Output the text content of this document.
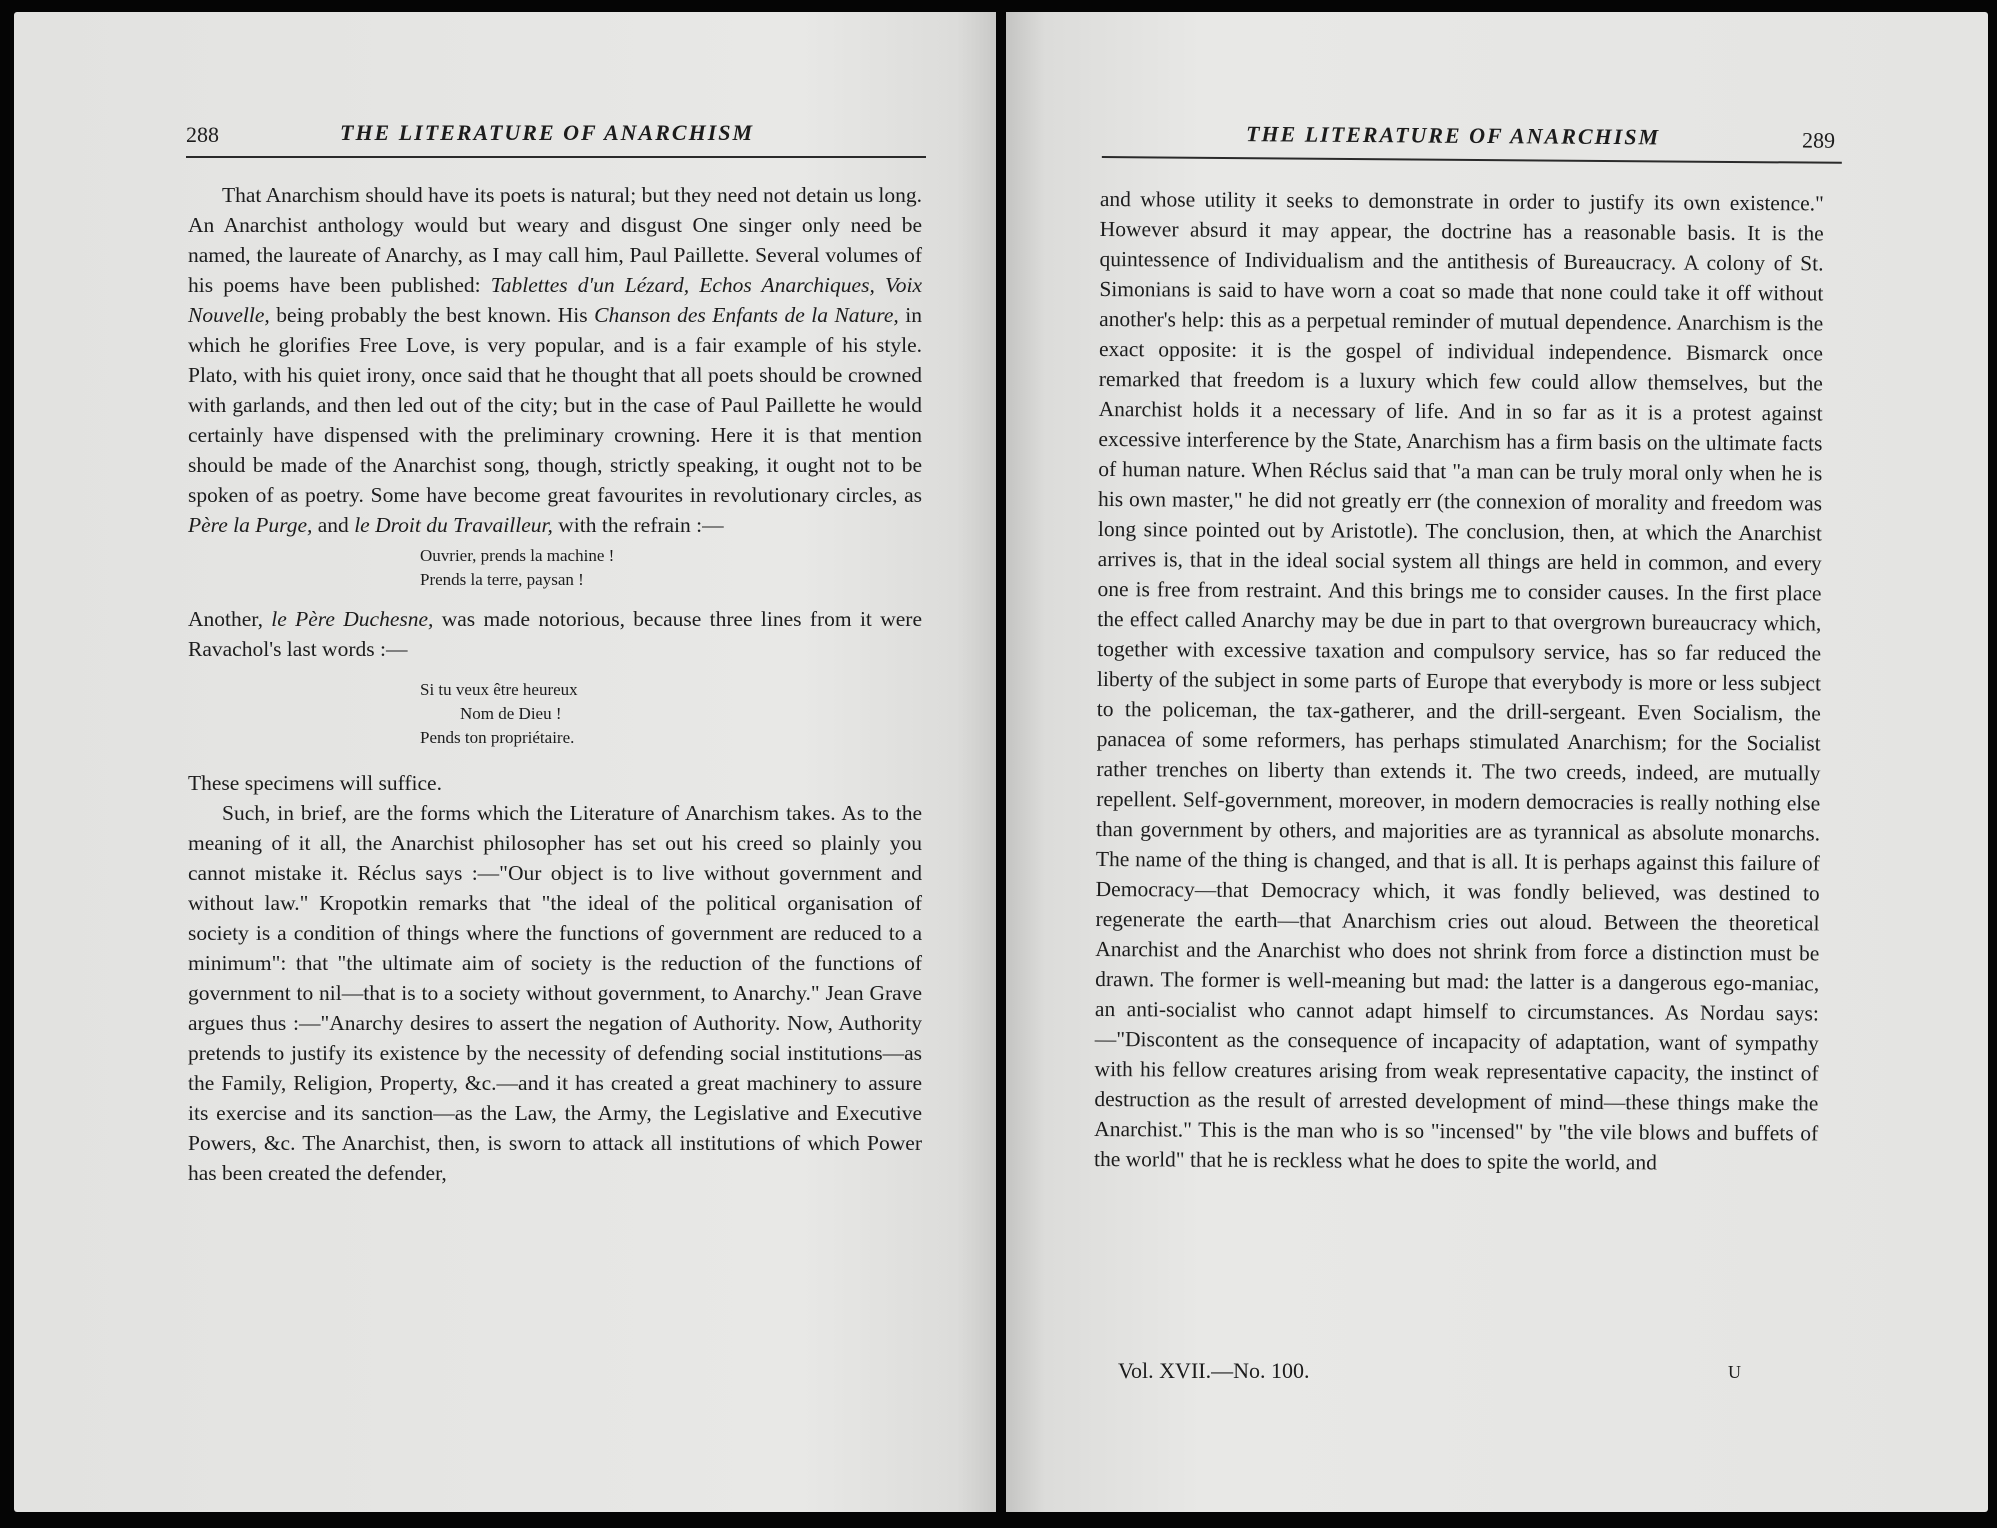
288	THE LITERATURE OF ANARCHISM

That Anarchism should have its poets is natural; but they need not detain us long. An Anarchist anthology would but weary and disgust One singer only need be named, the laureate of Anarchy, as I may call him, Paul Paillette. Several volumes of his poems have been published: Tablettes d'un Lézard, Echos Anarchiques, Voix Nouvelle, being probably the best known. His Chanson des Enfants de la Nature, in which he glorifies Free Love, is very popular, and is a fair example of his style. Plato, with his quiet irony, once said that he thought that all poets should be crowned with garlands, and then led out of the city; but in the case of Paul Paillette he would certainly have dispensed with the preliminary crowning. Here it is that mention should be made of the Anarchist song, though, strictly speaking, it ought not to be spoken of as poetry. Some have become great favourites in revolutionary circles, as Père la Purge, and le Droit du Travailleur, with the refrain :—

Ouvrier, prends la machine !
Prends la terre, paysan !

Another, le Père Duchesne, was made notorious, because three lines from it were Ravachol's last words :—

Si tu veux être heureux
Nom de Dieu !
Pends ton propriétaire.

These specimens will suffice.

Such, in brief, are the forms which the Literature of Anarchism takes. As to the meaning of it all, the Anarchist philosopher has set out his creed so plainly you cannot mistake it. Réclus says :—"Our object is to live without government and without law." Kropotkin remarks that "the ideal of the political organisation of society is a condition of things where the functions of government are reduced to a minimum": that "the ultimate aim of society is the reduction of the functions of government to nil—that is to a society without government, to Anarchy." Jean Grave argues thus :—"Anarchy desires to assert the negation of Authority. Now, Authority pretends to justify its existence by the necessity of defending social institutions—as the Family, Religion, Property, &c.—and it has created a great machinery to assure its exercise and its sanction—as the Law, the Army, the Legislative and Executive Powers, &c. The Anarchist, then, is sworn to attack all institutions of which Power has been created the defender,

THE LITERATURE OF ANARCHISM	289

and whose utility it seeks to demonstrate in order to justify its own existence." However absurd it may appear, the doctrine has a reasonable basis. It is the quintessence of Individualism and the antithesis of Bureaucracy. A colony of St. Simonians is said to have worn a coat so made that none could take it off without another's help: this as a perpetual reminder of mutual dependence. Anarchism is the exact opposite: it is the gospel of individual independence. Bismarck once remarked that freedom is a luxury which few could allow themselves, but the Anarchist holds it a necessary of life. And in so far as it is a protest against excessive interference by the State, Anarchism has a firm basis on the ultimate facts of human nature. When Réclus said that "a man can be truly moral only when he is his own master," he did not greatly err (the connexion of morality and freedom was long since pointed out by Aristotle). The conclusion, then, at which the Anarchist arrives is, that in the ideal social system all things are held in common, and every one is free from restraint. And this brings me to consider causes. In the first place the effect called Anarchy may be due in part to that overgrown bureaucracy which, together with excessive taxation and compulsory service, has so far reduced the liberty of the subject in some parts of Europe that everybody is more or less subject to the policeman, the tax-gatherer, and the drill-sergeant. Even Socialism, the panacea of some reformers, has perhaps stimulated Anarchism; for the Socialist rather trenches on liberty than extends it. The two creeds, indeed, are mutually repellent. Self-government, moreover, in modern democracies is really nothing else than government by others, and majorities are as tyrannical as absolute monarchs. The name of the thing is changed, and that is all. It is perhaps against this failure of Democracy—that Democracy which, it was fondly believed, was destined to regenerate the earth—that Anarchism cries out aloud. Between the theoretical Anarchist and the Anarchist who does not shrink from force a distinction must be drawn. The former is well-meaning but mad: the latter is a dangerous ego-maniac, an anti-socialist who cannot adapt himself to circumstances. As Nordau says:—"Discontent as the consequence of incapacity of adaptation, want of sympathy with his fellow creatures arising from weak representative capacity, the instinct of destruction as the result of arrested development of mind—these things make the Anarchist." This is the man who is so "incensed" by "the vile blows and buffets of the world" that he is reckless what he does to spite the world, and

Vol. XVII.—No. 100.	U
